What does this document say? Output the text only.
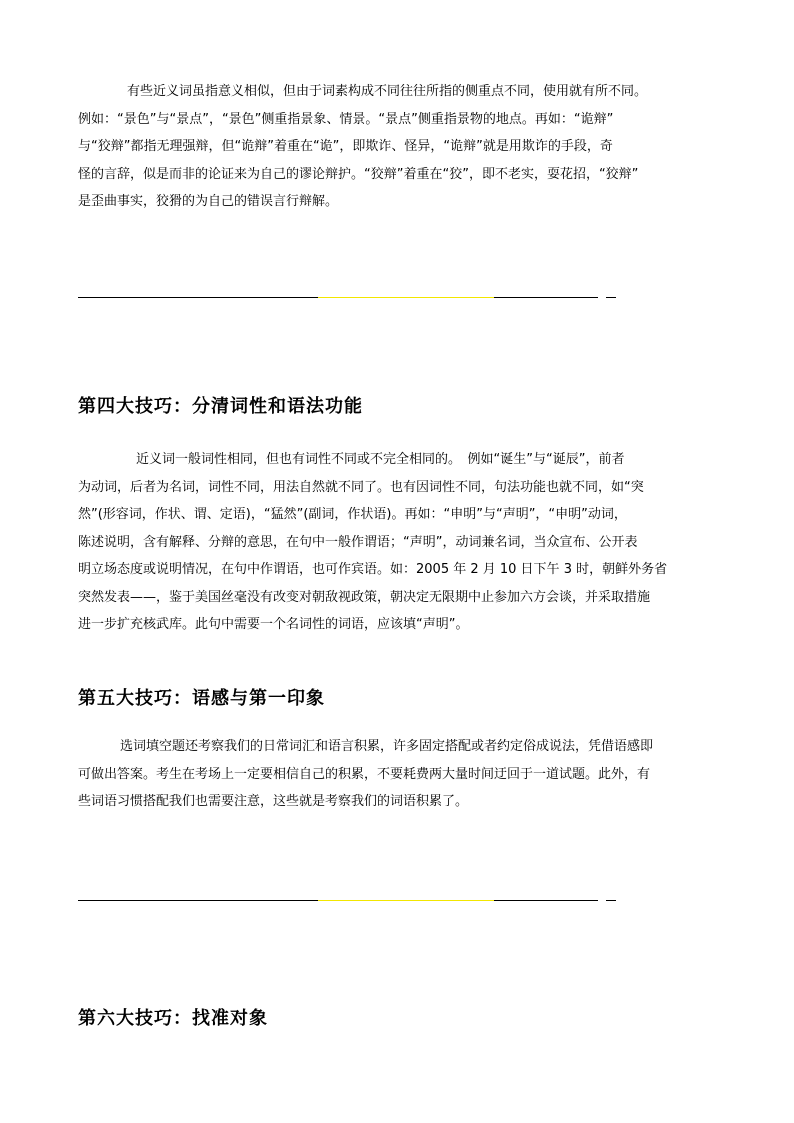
有些近义词虽指意义相似，但由于词素构成不同往往所指的侧重点不同，使用就有所不同。
例如：“景色”与“景点”，“景色”侧重指景象、情景。“景点”侧重指景物的地点。再如：“诡辩”
与“狡辩”都指无理强辩，但“诡辩”着重在“诡”，即欺诈、怪异，“诡辩”就是用欺诈的手段，奇
怪的言辞，似是而非的论证来为自己的谬论辩护。“狡辩”着重在“狡”，即不老实，耍花招，“狡辩”
是歪曲事实，狡猾的为自己的错误言行辩解。
第四大技巧：分清词性和语法功能
近义词一般词性相同，但也有词性不同或不完全相同的。　例如“诞生”与“诞辰”，前者
为动词，后者为名词，词性不同，用法自然就不同了。也有因词性不同，句法功能也就不同，如“突
然”(形容词，作状、谓、定语)，“猛然”(副词，作状语)。再如：“申明”与“声明”，“申明”动词，
陈述说明，含有解释、分辩的意思，在句中一般作谓语；“声明”，动词兼名词，当众宣布、公开表
明立场态度或说明情况，在句中作谓语，也可作宾语。如：2005 年 2 月 10 日下午 3 时，朝鲜外务省
突然发表——，鉴于美国丝毫没有改变对朝敌视政策，朝决定无限期中止参加六方会谈，并采取措施
进一步扩充核武库。此句中需要一个名词性的词语，应该填“声明”。
第五大技巧：语感与第一印象
选词填空题还考察我们的日常词汇和语言积累，许多固定搭配或者约定俗成说法，凭借语感即
可做出答案。考生在考场上一定要相信自己的积累，不要耗费两大量时间迂回于一道试题。此外，有
些词语习惯搭配我们也需要注意，这些就是考察我们的词语积累了。
第六大技巧：找准对象
